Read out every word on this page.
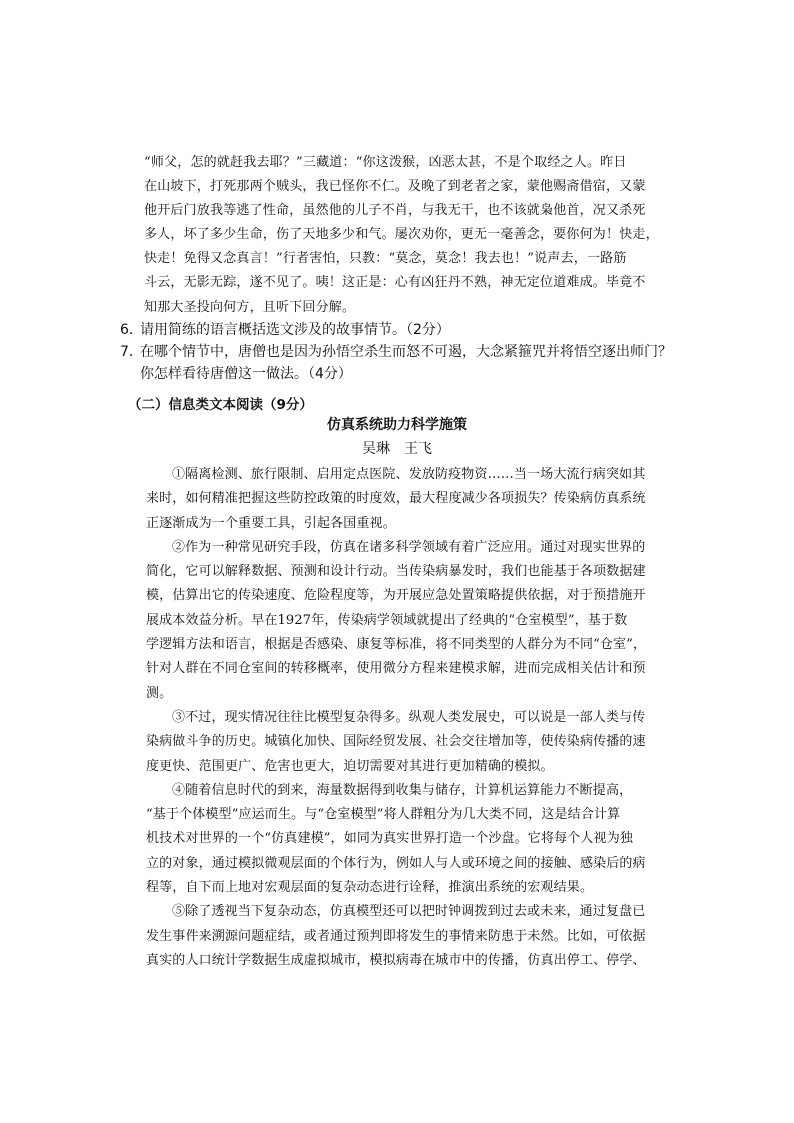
“师父，怎的就赶我去耶？”三藏道：“你这泼猴，凶恶太甚，不是个取经之人。昨日

在山坡下，打死那两个贼头，我已怪你不仁。及晚了到老者之家，蒙他赐斋借宿，又蒙

他开后门放我等逃了性命，虽然他的儿子不肖，与我无干，也不该就枭他首，况又杀死

多人，坏了多少生命，伤了天地多少和气。屡次劝你，更无一毫善念，要你何为！快走，

快走！免得又念真言！”行者害怕，只教：“莫念，莫念！我去也！”说声去，一路筋

斗云，无影无踪，遂不见了。咦！这正是：心有凶狂丹不熟，神无定位道难成。毕竟不

知那大圣投向何方，且听下回分解。

6．请用简练的语言概括选文涉及的故事情节。（2分）

7．在哪个情节中，唐僧也是因为孙悟空杀生而怒不可遏，大念紧箍咒并将悟空逐出师门？

你怎样看待唐僧这一做法。（4分）

（二）信息类文本阅读（9分）

仿真系统助力科学施策

吴琳　王飞

①隔离检测、旅行限制、启用定点医院、发放防疫物资……当一场大流行病突如其

来时，如何精准把握这些防控政策的时度效，最大程度减少各项损失？传染病仿真系统

正逐渐成为一个重要工具，引起各国重视。

②作为一种常见研究手段，仿真在诸多科学领域有着广泛应用。通过对现实世界的

简化，它可以解释数据、预测和设计行动。当传染病暴发时，我们也能基于各项数据建

模，估算出它的传染速度、危险程度等，为开展应急处置策略提供依据，对于预措施开

展成本效益分析。早在1927年，传染病学领域就提出了经典的“仓室模型”，基于数

学逻辑方法和语言，根据是否感染、康复等标准，将不同类型的人群分为不同“仓室”，

针对人群在不同仓室间的转移概率，使用微分方程来建模求解，进而完成相关估计和预

测。

③不过，现实情况往往比模型复杂得多。纵观人类发展史，可以说是一部人类与传

染病做斗争的历史。城镇化加快、国际经贸发展、社会交往增加等，使传染病传播的速

度更快、范围更广、危害也更大，迫切需要对其进行更加精确的模拟。

④随着信息时代的到来，海量数据得到收集与储存，计算机运算能力不断提高，

“基于个体模型”应运而生。与“仓室模型”将人群粗分为几大类不同，这是结合计算

机技术对世界的一个“仿真建模”，如同为真实世界打造一个沙盘。它将每个人视为独

立的对象，通过模拟微观层面的个体行为，例如人与人或环境之间的接触、感染后的病

程等，自下而上地对宏观层面的复杂动态进行诠释，推演出系统的宏观结果。

⑤除了透视当下复杂动态，仿真模型还可以把时钟调拨到过去或未来，通过复盘已

发生事件来溯源问题症结，或者通过预判即将发生的事情来防患于未然。比如，可依据

真实的人口统计学数据生成虚拟城市，模拟病毒在城市中的传播，仿真出停工、停学、
